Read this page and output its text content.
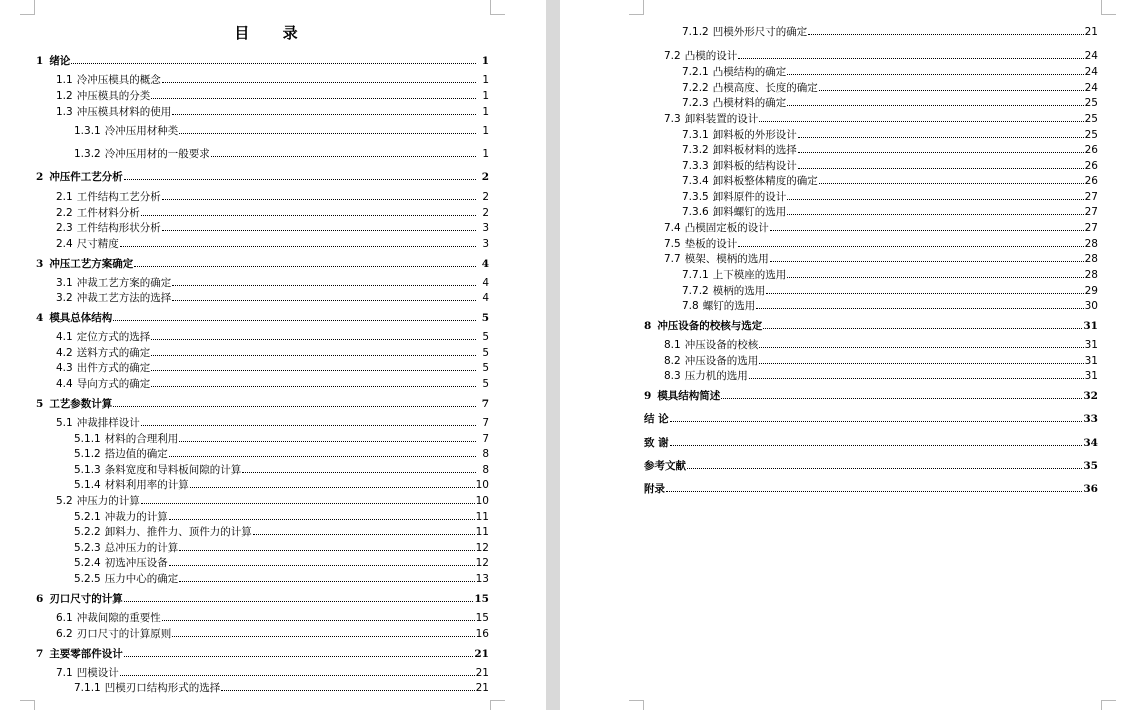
目 录
1 绪论	1
1.1 冷冲压模具的概念	1
1.2 冲压模具的分类	1
1.3 冲压模具材料的使用	1
1.3.1 冷冲压用材种类	1
1.3.2 冷冲压用材的一般要求	1
2 冲压件工艺分析	2
2.1 工件结构工艺分析	2
2.2 工件材料分析	2
2.3 工件结构形状分析	3
2.4 尺寸精度	3
3 冲压工艺方案确定	4
3.1 冲裁工艺方案的确定	4
3.2 冲裁工艺方法的选择	4
4 模具总体结构	5
4.1 定位方式的选择	5
4.2 送料方式的确定	5
4.3 出件方式的确定	5
4.4 导向方式的确定	5
5 工艺参数计算	7
5.1 冲裁排样设计	7
5.1.1 材料的合理利用	7
5.1.2 搭边值的确定	8
5.1.3 条料宽度和导料板间隙的计算	8
5.1.4 材料利用率的计算	10
5.2 冲压力的计算	10
5.2.1 冲裁力的计算	11
5.2.2 卸料力、推件力、顶件力的计算	11
5.2.3 总冲压力的计算	12
5.2.4 初选冲压设备	12
5.2.5 压力中心的确定	13
6 刃口尺寸的计算	15
6.1 冲裁间隙的重要性	15
6.2 刃口尺寸的计算原则	16
7 主要零部件设计	21
7.1 凹模设计	21
7.1.1 凹模刃口结构形式的选择	21
7.1.2 凹模外形尺寸的确定	21
7.2 凸模的设计	24
7.2.1 凸模结构的确定	24
7.2.2 凸模高度、长度的确定	24
7.2.3 凸模材料的确定	25
7.3 卸料装置的设计	25
7.3.1 卸料板的外形设计	25
7.3.2 卸料板材料的选择	26
7.3.3 卸料板的结构设计	26
7.3.4 卸料板整体精度的确定	26
7.3.5 卸料原件的设计	27
7.3.6 卸料螺钉的选用	27
7.4 凸模固定板的设计	27
7.5 垫板的设计	28
7.7 模架、模柄的选用	28
7.7.1 上下模座的选用	28
7.7.2 模柄的选用	29
7.8 螺钉的选用	30
8 冲压设备的校核与选定	31
8.1 冲压设备的校核	31
8.2 冲压设备的选用	31
8.3 压力机的选用	31
9 模具结构简述	32
结 论	33
致 谢	34
参考文献	35
附录	36
